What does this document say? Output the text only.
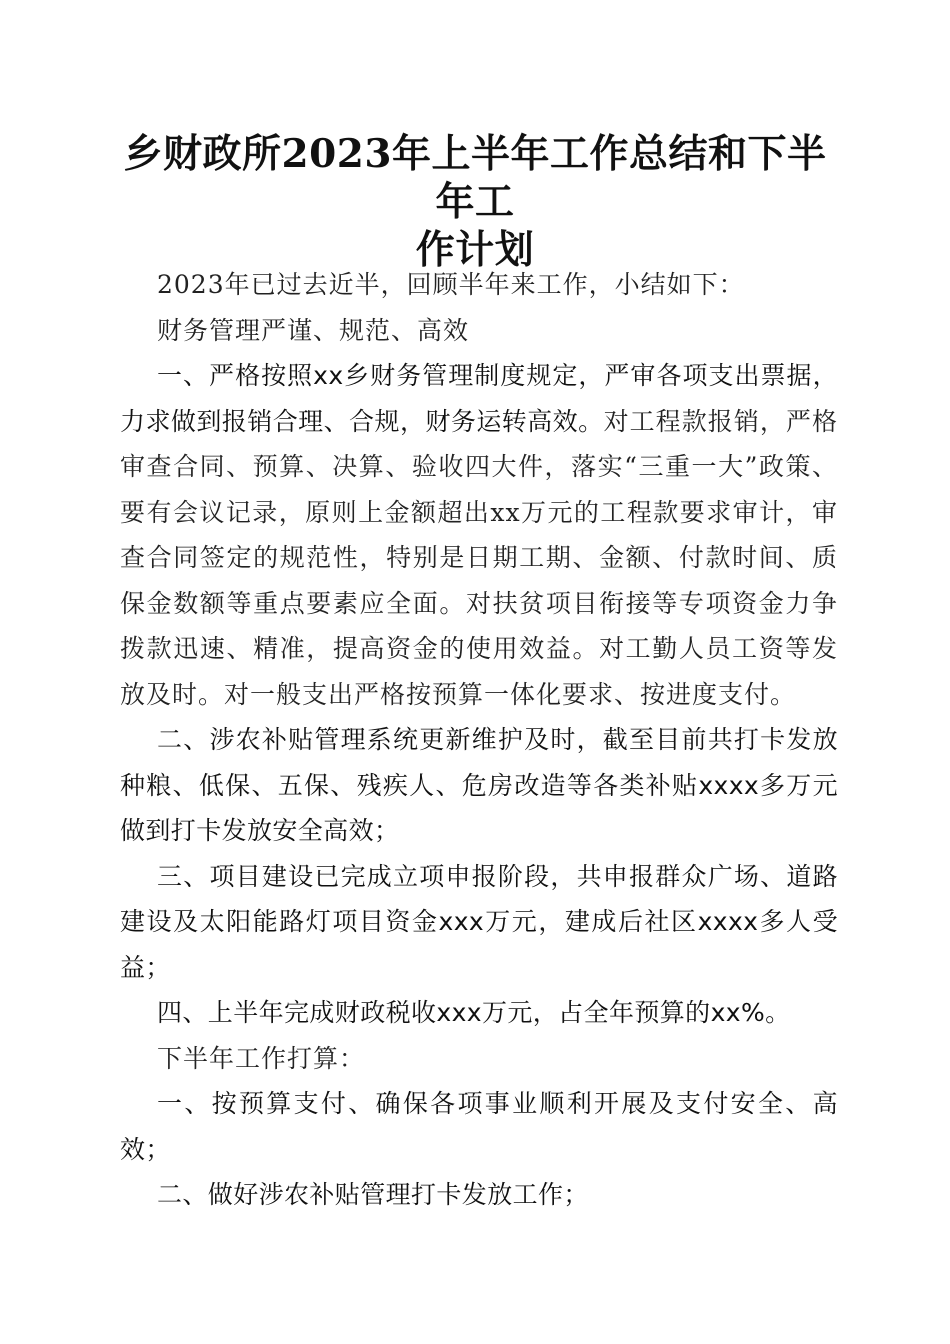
乡财政所2023年上半年工作总结和下半年工
作计划

2023年已过去近半，回顾半年来工作，小结如下：

财务管理严谨、规范、高效

一、严格按照xx乡财务管理制度规定，严审各项支出票据，力求做到报销合理、合规，财务运转高效。对工程款报销，严格审查合同、预算、决算、验收四大件，落实“三重一大”政策、要有会议记录，原则上金额超出xx万元的工程款要求审计，审查合同签定的规范性，特别是日期工期、金额、付款时间、质保金数额等重点要素应全面。对扶贫项目衔接等专项资金力争拨款迅速、精准，提高资金的使用效益。对工勤人员工资等发放及时。对一般支出严格按预算一体化要求、按进度支付。

二、涉农补贴管理系统更新维护及时，截至目前共打卡发放种粮、低保、五保、残疾人、危房改造等各类补贴xxxx多万元做到打卡发放安全高效；

三、项目建设已完成立项申报阶段，共申报群众广场、道路建设及太阳能路灯项目资金xxx万元，建成后社区xxxx多人受益；

四、上半年完成财政税收xxx万元，占全年预算的xx%。

下半年工作打算：

一、按预算支付、确保各项事业顺利开展及支付安全、高效；

二、做好涉农补贴管理打卡发放工作；
